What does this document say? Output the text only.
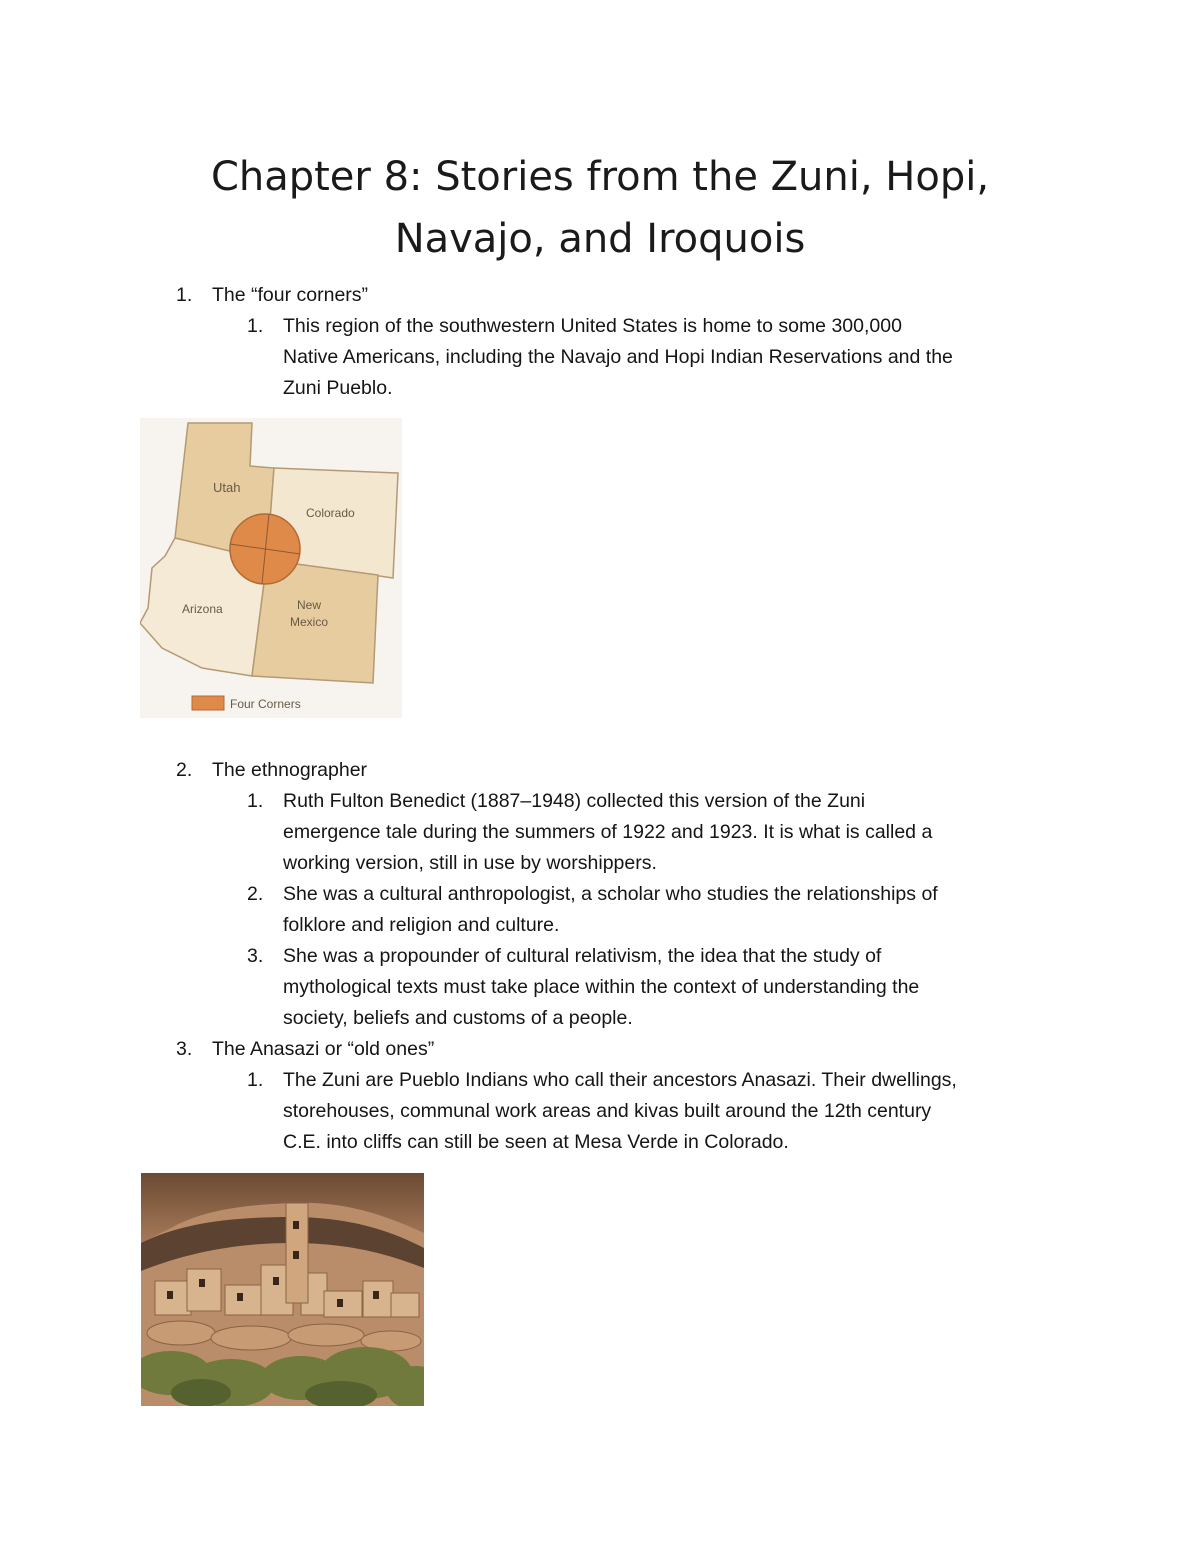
Chapter 8: Stories from the Zuni, Hopi,
Navajo, and Iroquois
1. The “four corners”
1. This region of the southwestern United States is home to some 300,000
Native Americans, including the Navajo and Hopi Indian Reservations and the
Zuni Pueblo.
Utah
Colorado
Arizona	New
Mexico
Four Corners
2. The ethnographer
1. Ruth Fulton Benedict (1887–1948) collected this version of the Zuni
emergence tale during the summers of 1922 and 1923. It is what is called a
working version, still in use by worshippers.
2. She was a cultural anthropologist, a scholar who studies the relationships of
folklore and religion and culture.
3. She was a propounder of cultural relativism, the idea that the study of
mythological texts must take place within the context of understanding the
society, beliefs and customs of a people.
3. The Anasazi or “old ones”
1. The Zuni are Pueblo Indians who call their ancestors Anasazi. Their dwellings,
storehouses, communal work areas and kivas built around the 12th century
C.E. into cliffs can still be seen at Mesa Verde in Colorado.
